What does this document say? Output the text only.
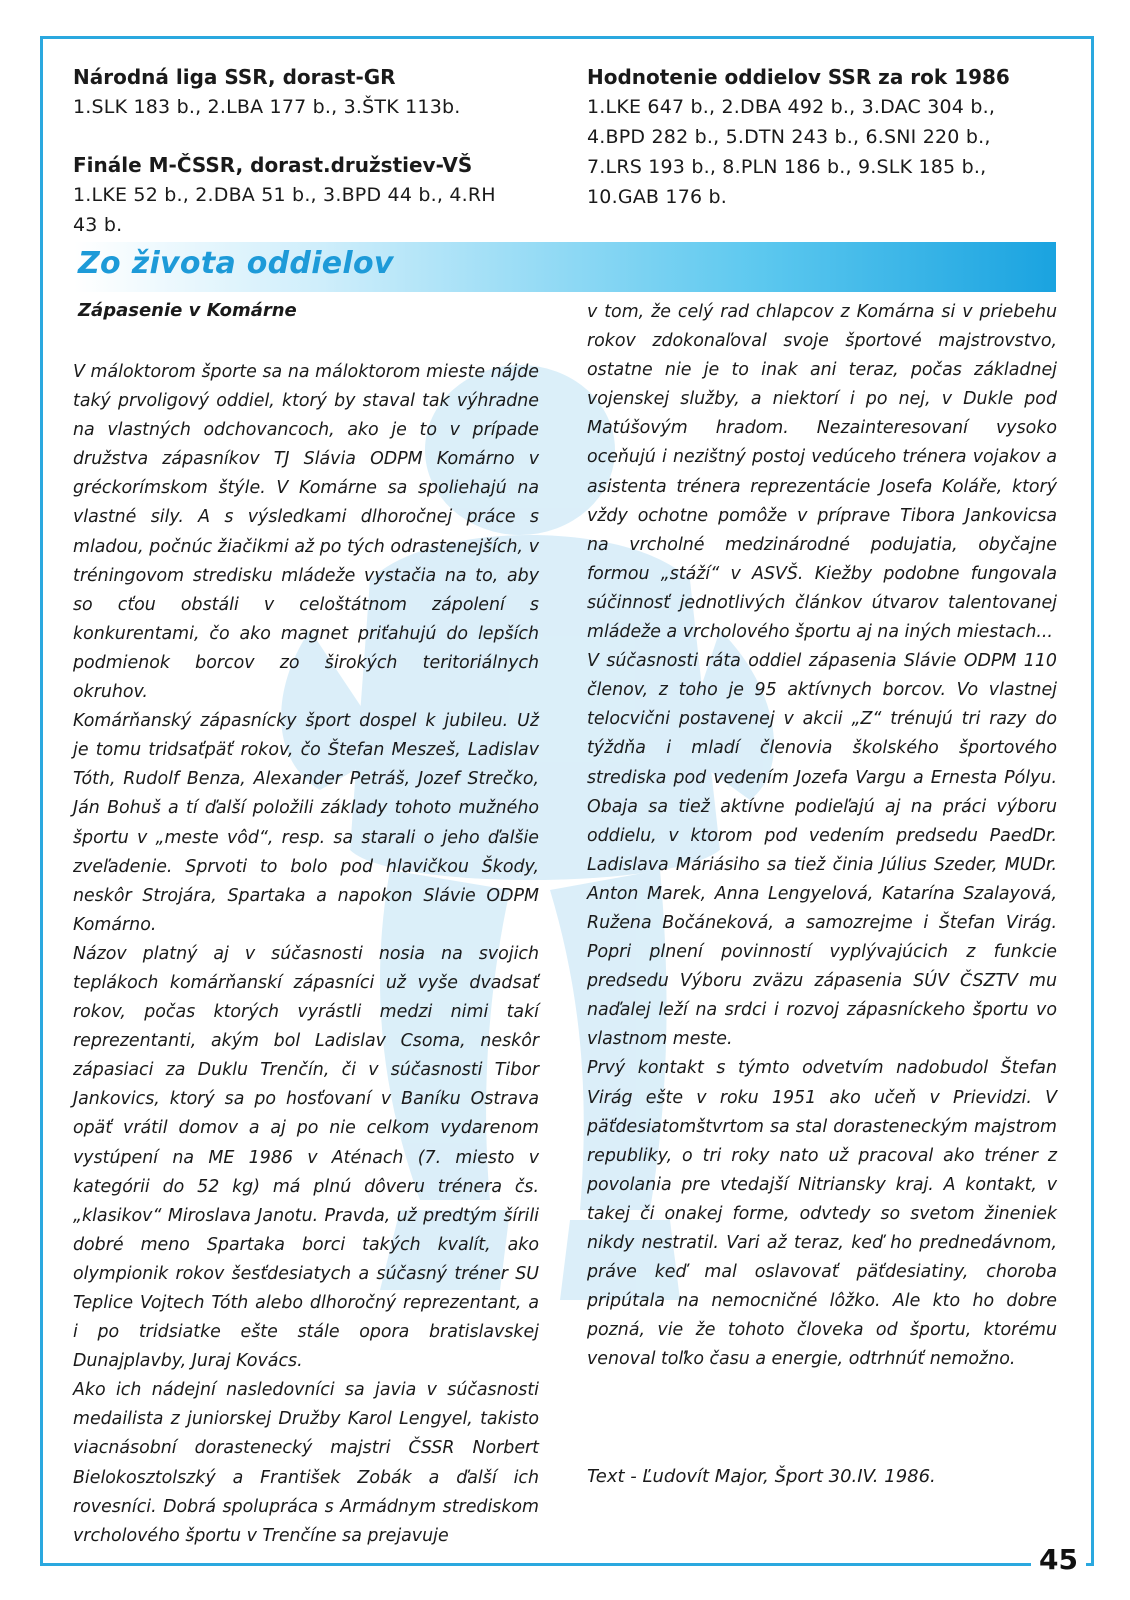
Národná liga SSR, dorast-GR

1.SLK 183 b., 2.LBA 177 b., 3.ŠTK 113b.

Finále M-ČSSR, dorast.družstiev-VŠ

1.LKE 52 b., 2.DBA 51 b., 3.BPD 44 b., 4.RH

43 b.

Hodnotenie oddielov SSR za rok 1986

1.LKE 647 b., 2.DBA 492 b., 3.DAC 304 b.,

4.BPD 282 b., 5.DTN 243 b., 6.SNI 220 b.,

7.LRS 193 b., 8.PLN 186 b., 9.SLK 185 b.,

10.GAB 176 b.

Zo života oddielov
Zápasenie v Komárne

V máloktorom športe sa na máloktorom mieste nájde taký prvoligový oddiel, ktorý by staval tak výhradne na vlastných odchovancoch, ako je to v prípade družstva zápasníkov TJ Slávia ODPM Komárno v gréckorímskom štýle. V Komárne sa spoliehajú na vlastné sily. A s výsledkami dlhoročnej práce s mladou, počnúc žiačikmi až po tých odrastenejších, v tréningovom stredisku mládeže vystačia na to, aby so cťou obstáli v celoštátnom zápolení s konkurentami, čo ako magnet priťahujú do lepších podmienok borcov zo širokých teritoriálnych okruhov.

Komárňanský zápasnícky šport dospel k jubileu. Už je tomu tridsaťpäť rokov, čo Štefan Meszeš, Ladislav Tóth, Rudolf Benza, Alexander Petráš, Jozef Strečko, Ján Bohuš a tí ďalší položili základy tohoto mužného športu v „meste vôd“, resp. sa starali o jeho ďalšie zveľadenie. Sprvoti to bolo pod hlavičkou Škody, neskôr Strojára, Spartaka a napokon Slávie ODPM Komárno.

Názov platný aj v súčasnosti nosia na svojich teplákoch komárňanskí zápasníci už vyše dvadsať rokov, počas ktorých vyrástli medzi nimi takí reprezentanti, akým bol Ladislav Csoma, neskôr zápasiaci za Duklu Trenčín, či v súčasnosti Tibor Jankovics, ktorý sa po hosťovaní v Baníku Ostrava opäť vrátil domov a aj po nie celkom vydarenom vystúpení na ME 1986 v Aténach (7. miesto v kategórii do 52 kg) má plnú dôveru trénera čs. „klasikov“ Miroslava Janotu. Pravda, už predtým šírili dobré meno Spartaka borci takých kvalít, ako olympionik rokov šesťdesiatych a súčasný tréner SU Teplice Vojtech Tóth alebo dlhoročný reprezentant, a i po tridsiatke ešte stále opora bratislavskej Dunajplavby, Juraj Kovács.

Ako ich nádejní nasledovníci sa javia v súčasnosti medailista z juniorskej Družby Karol Lengyel, takisto viacnásobní dorastenecký majstri ČSSR Norbert Bielokosztolszký a František Zobák a ďalší ich rovesníci. Dobrá spolupráca s Armádnym strediskom vrcholového športu v Trenčíne sa prejavuje

v tom, že celý rad chlapcov z Komárna si v priebehu rokov zdokonaľoval svoje športové majstrovstvo, ostatne nie je to inak ani teraz, počas základnej vojenskej služby, a niektorí i po nej, v Dukle pod Matúšovým hradom. Nezainteresovaní vysoko oceňujú i nezištný postoj vedúceho trénera vojakov a asistenta trénera reprezentácie Josefa Koláře, ktorý vždy ochotne pomôže v príprave Tibora Jankovicsa na vrcholné medzinárodné podujatia, obyčajne formou „stáží“ v ASVŠ. Kiežby podobne fungovala súčinnosť jednotlivých článkov útvarov talentovanej mládeže a vrcholového športu aj na iných miestach...

V súčasnosti ráta oddiel zápasenia Slávie ODPM 110 členov, z toho je 95 aktívnych borcov. Vo vlastnej telocvični postavenej v akcii „Z“ trénujú tri razy do týždňa i mladí členovia školského športového strediska pod vedením Jozefa Vargu a Ernesta Pólyu. Obaja sa tiež aktívne podieľajú aj na práci výboru oddielu, v ktorom pod vedením predsedu PaedDr. Ladislava Máriásiho sa tiež činia Július Szeder, MUDr. Anton Marek, Anna Lengyelová, Katarína Szalayová, Ružena Bočáneková, a samozrejme i Štefan Virág. Popri plnení povinností vyplývajúcich z funkcie predsedu Výboru zväzu zápasenia SÚV ČSZTV mu naďalej leží na srdci i rozvoj zápasníckeho športu vo vlastnom meste.

Prvý kontakt s týmto odvetvím nadobudol Štefan Virág ešte v roku 1951 ako učeň v Prievidzi. V päťdesiatomštvrtom sa stal dorasteneckým majstrom republiky, o tri roky nato už pracoval ako tréner z povolania pre vtedajší Nitriansky kraj. A kontakt, v takej či onakej forme, odvtedy so svetom žineniek nikdy nestratil. Vari až teraz, keď ho prednedávnom, práve keď mal oslavovať päťdesiatiny, choroba pripútala na nemocničné lôžko. Ale kto ho dobre pozná, vie že tohoto človeka od športu, ktorému venoval toľko času a energie, odtrhnúť nemožno.

Text - Ľudovít Major, Šport 30.IV. 1986.
45
